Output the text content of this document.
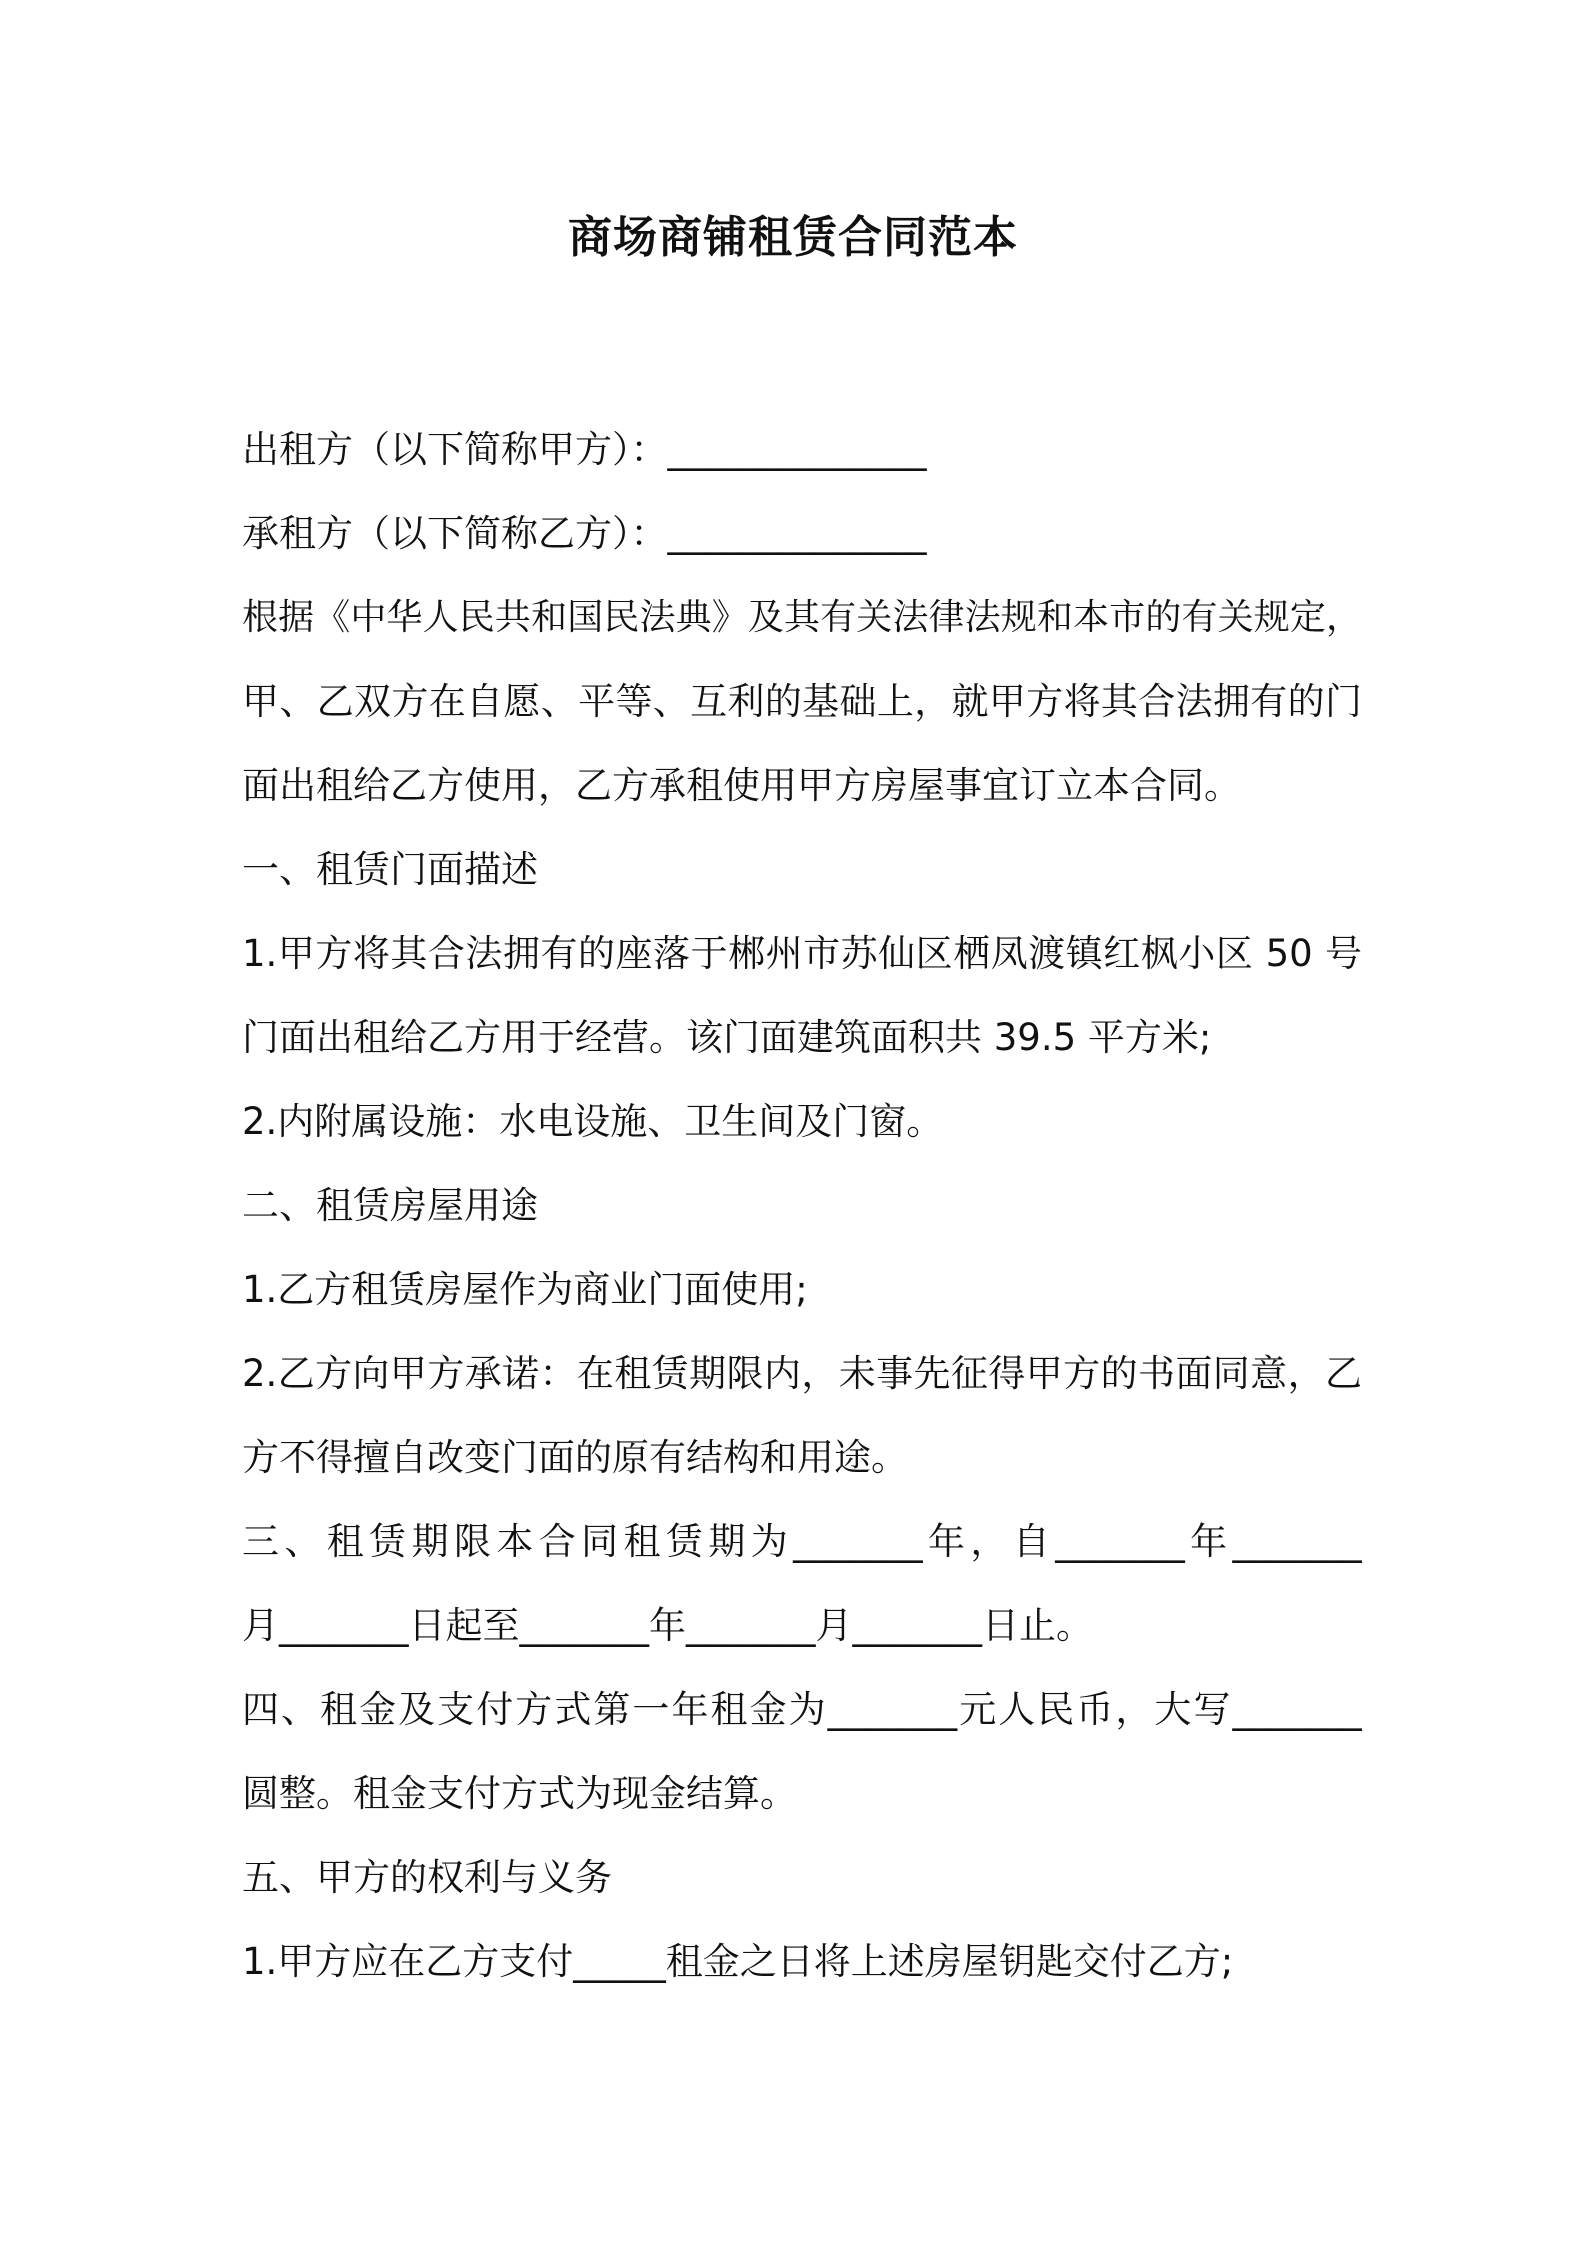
商场商铺租赁合同范本
出租方（以下简称甲方）：______________
承租方（以下简称乙方）：______________
根据《中华人民共和国民法典》及其有关法律法规和本市的有关规定，
甲、乙双方在自愿、平等、互利的基础上，就甲方将其合法拥有的门
面出租给乙方使用，乙方承租使用甲方房屋事宜订立本合同。
一、租赁门面描述
1.甲方将其合法拥有的座落于郴州市苏仙区栖凤渡镇红枫小区 50 号
门面出租给乙方用于经营。该门面建筑面积共 39.5 平方米;
2.内附属设施：水电设施、卫生间及门窗。
二、租赁房屋用途
1.乙方租赁房屋作为商业门面使用;
2.乙方向甲方承诺：在租赁期限内，未事先征得甲方的书面同意，乙
方不得擅自改变门面的原有结构和用途。
三、租赁期限本合同租赁期为_______年，自_______年_______
月_______日起至_______年_______月_______日止。
四、租金及支付方式第一年租金为_______元人民币，大写_______
圆整。租金支付方式为现金结算。
五、甲方的权利与义务
1.甲方应在乙方支付_____租金之日将上述房屋钥匙交付乙方;
